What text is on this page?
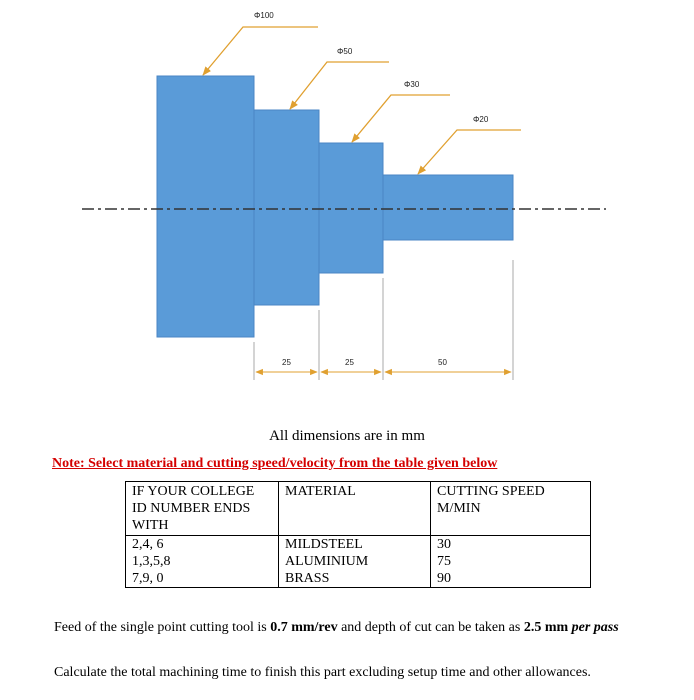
Φ100
Φ50
Φ30
Φ20
25	25	50
All dimensions are in mm
Note: Select material and cutting speed/velocity from the table given below
IF YOUR COLLEGE ID NUMBER ENDS WITH	MATERIAL	CUTTING SPEED M/MIN
2,4, 6	MILDSTEEL	30
1,3,5,8	ALUMINIUM	75
7,9, 0	BRASS	90
Feed of the single point cutting tool is 0.7 mm/rev and depth of cut can be taken as 2.5 mm per pass
Calculate the total machining time to finish this part excluding setup time and other allowances.
